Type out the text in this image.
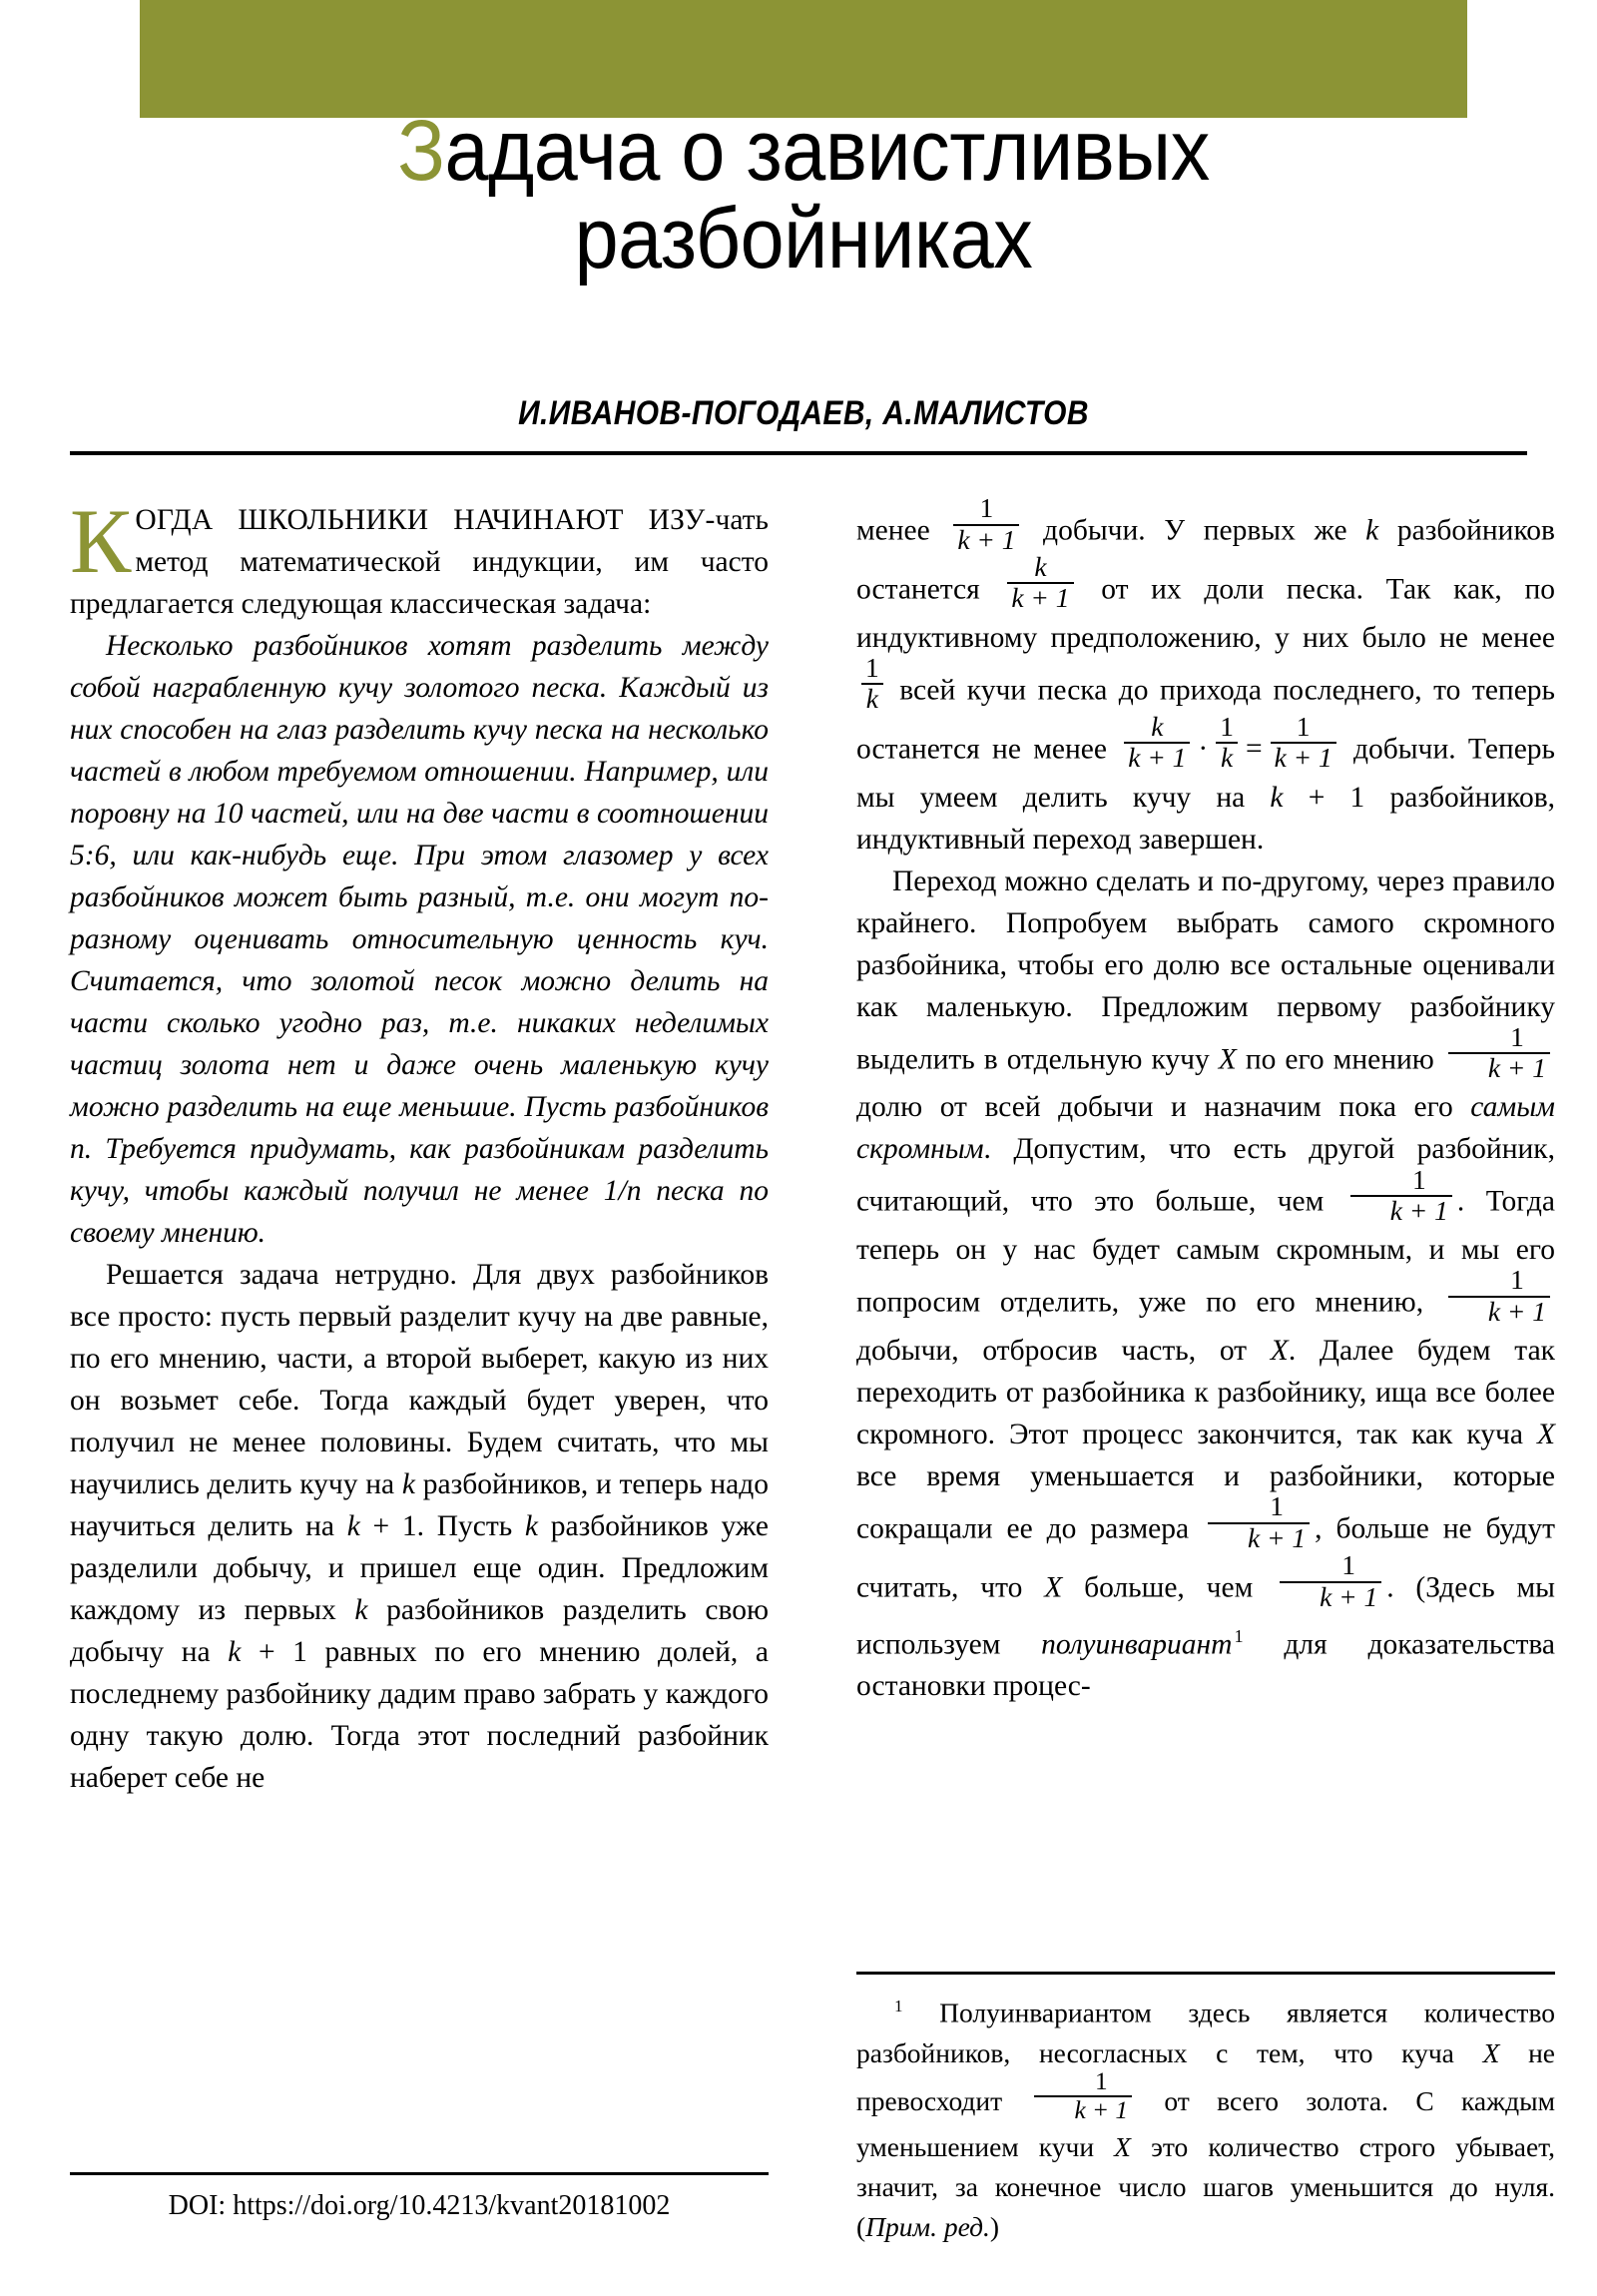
Задача о завистливых
разбойниках
И.ИВАНОВ-ПОГОДАЕВ, А.МАЛИСТОВ

КОГДА ШКОЛЬНИКИ НАЧИНАЮТ ИЗУ-чать метод математической индукции, им часто предлагается следующая классическая задача:

Несколько разбойников хотят разделить между собой награбленную кучу золотого песка. Каждый из них способен на глаз разделить кучу песка на несколько частей в любом требуемом отношении. Например, или поровну на 10 частей, или на две части в соотношении 5:6, или как-нибудь еще. При этом глазомер у всех разбойников может быть разный, т.е. они могут по-разному оценивать относительную ценность куч. Считается, что золотой песок можно делить на части сколько угодно раз, т.е. никаких неделимых частиц золота нет и даже очень маленькую кучу можно разделить на еще меньшие. Пусть разбойников n. Требуется придумать, как разбойникам разделить кучу, чтобы каждый получил не менее 1/n песка по своему мнению.

Решается задача нетрудно. Для двух разбойников все просто: пусть первый разделит кучу на две равные, по его мнению, части, а второй выберет, какую из них он возьмет себе. Тогда каждый будет уверен, что получил не менее половины. Будем считать, что мы научились делить кучу на k разбойников, и теперь надо научиться делить на k + 1. Пусть k разбойников уже разделили добычу, и пришел еще один. Предложим каждому из первых k разбойников разделить свою добычу на k + 1 равных по его мнению долей, а последнему разбойнику дадим право забрать у каждого одну такую долю. Тогда этот последний разбойник наберет себе не

менее $\frac{1}{k + 1}$ добычи. У первых же k разбойников останется $\frac{k}{k + 1}$ от их доли песка. Так как, по индуктивному предположению, у них было не менее
$\frac{1}{k}$ всей кучи песка до прихода последнего, то теперь останется не менее $\frac{k}{k + 1} \cdot \frac{1}{k} = \frac{1}{k + 1}$ добычи. Теперь мы умеем делить кучу на k + 1 разбойников, индуктивный переход завершен.

Переход можно сделать и по-другому, через правило крайнего. Попробуем выбрать самого скромного разбойника, чтобы его долю все остальные оценивали как маленькую. Предложим первому разбойнику выделить в отдельную кучу X по его мнению $\frac{1}{k + 1}$
долю от всей добычи и назначим пока его самым скромным. Допустим, что есть другой разбойник, считающий, что это больше, чем $\frac{1}{k + 1}$ . Тогда теперь он у нас будет самым скромным, и мы его попросим отделить, уже по его мнению, $\frac{1}{k + 1}$
добычи, отбросив часть, от X. Далее будем так переходить от разбойника к разбойнику, ища все более скромного. Этот процесс закончится, так как куча X все время уменьшается и разбойники, которые сокращали ее до размера $\frac{1}{k + 1}$ , больше не будут считать, что X больше, чем $\frac{1}{k + 1}$ . (Здесь мы используем полуинвариант $^1$ для доказательства остановки процес-

$^1$ Полуинвариантом здесь является количество разбойников, несогласных с тем, что куча X не превосходит $\frac{1}{k + 1}$ от всего золота. С каждым уменьшением кучи X это количество строго убывает, значит, за конечное число шагов уменьшится до нуля. (Прим. ред.)

DOI: https://doi.org/10.4213/kvant20181002
